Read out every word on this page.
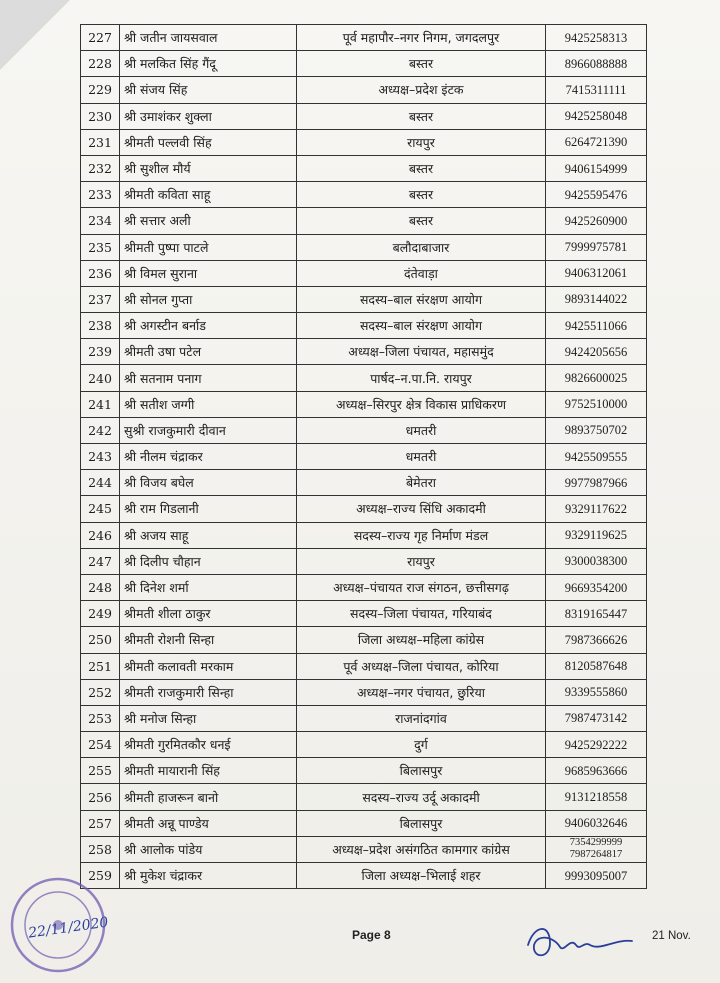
227	श्री जतीन जायसवाल	पूर्व महापौर–नगर निगम, जगदलपुर	9425258313

228	श्री मलकित सिंह गैंदू	बस्तर	8966088888

229	श्री संजय सिंह	अध्यक्ष–प्रदेश इंटक	7415311111

230	श्री उमाशंकर शुक्ला	बस्तर	9425258048

231	श्रीमती पल्लवी सिंह	रायपुर	6264721390

232	श्री सुशील मौर्य	बस्तर	9406154999

233	श्रीमती कविता साहू	बस्तर	9425595476

234	श्री सत्तार अली	बस्तर	9425260900

235	श्रीमती पुष्पा पाटले	बलौदाबाजार	7999975781

236	श्री विमल सुराना	दंतेवाड़ा	9406312061

237	श्री सोनल गुप्ता	सदस्य–बाल संरक्षण आयोग	9893144022

238	श्री अगस्टीन बर्नाड	सदस्य–बाल संरक्षण आयोग	9425511066

239	श्रीमती उषा पटेल	अध्यक्ष–जिला पंचायत, महासमुंद	9424205656

240	श्री सतनाम पनाग	पार्षद–न.पा.नि. रायपुर	9826600025

241	श्री सतीश जग्गी	अध्यक्ष–सिरपुर क्षेत्र विकास प्राधिकरण	9752510000

242	सुश्री राजकुमारी दीवान	धमतरी	9893750702

243	श्री नीलम चंद्राकर	धमतरी	9425509555

244	श्री विजय बघेल	बेमेतरा	9977987966

245	श्री राम गिडलानी	अध्यक्ष–राज्य सिंधि अकादमी	9329117622

246	श्री अजय साहू	सदस्य–राज्य गृह निर्माण मंडल	9329119625

247	श्री दिलीप चौहान	रायपुर	9300038300

248	श्री दिनेश शर्मा	अध्यक्ष–पंचायत राज संगठन, छत्तीसगढ़	9669354200

249	श्रीमती शीला ठाकुर	सदस्य–जिला पंचायत, गरियाबंद	8319165447

250	श्रीमती रोशनी सिन्हा	जिला अध्यक्ष–महिला कांग्रेस	7987366626

251	श्रीमती कलावती मरकाम	पूर्व अध्यक्ष–जिला पंचायत, कोरिया	8120587648

252	श्रीमती राजकुमारी सिन्हा	अध्यक्ष–नगर पंचायत, छुरिया	9339555860

253	श्री मनोज सिन्हा	राजनांदगांव	7987473142

254	श्रीमती गुरमितकौर धनई	दुर्ग	9425292222

255	श्रीमती मायारानी सिंह	बिलासपुर	9685963666

256	श्रीमती हाजरून बानो	सदस्य–राज्य उर्दू अकादमी	9131218558

257	श्रीमती अन्नू पाण्डेय	बिलासपुर	9406032646

258	श्री आलोक पांडेय	अध्यक्ष–प्रदेश असंगठित कामगार कांग्रेस	7354299999
7987264817

259	श्री मुकेश चंद्राकर	जिला अध्यक्ष–भिलाई शहर	9993095007
22/11/2020	Page 8	21 Nov.
